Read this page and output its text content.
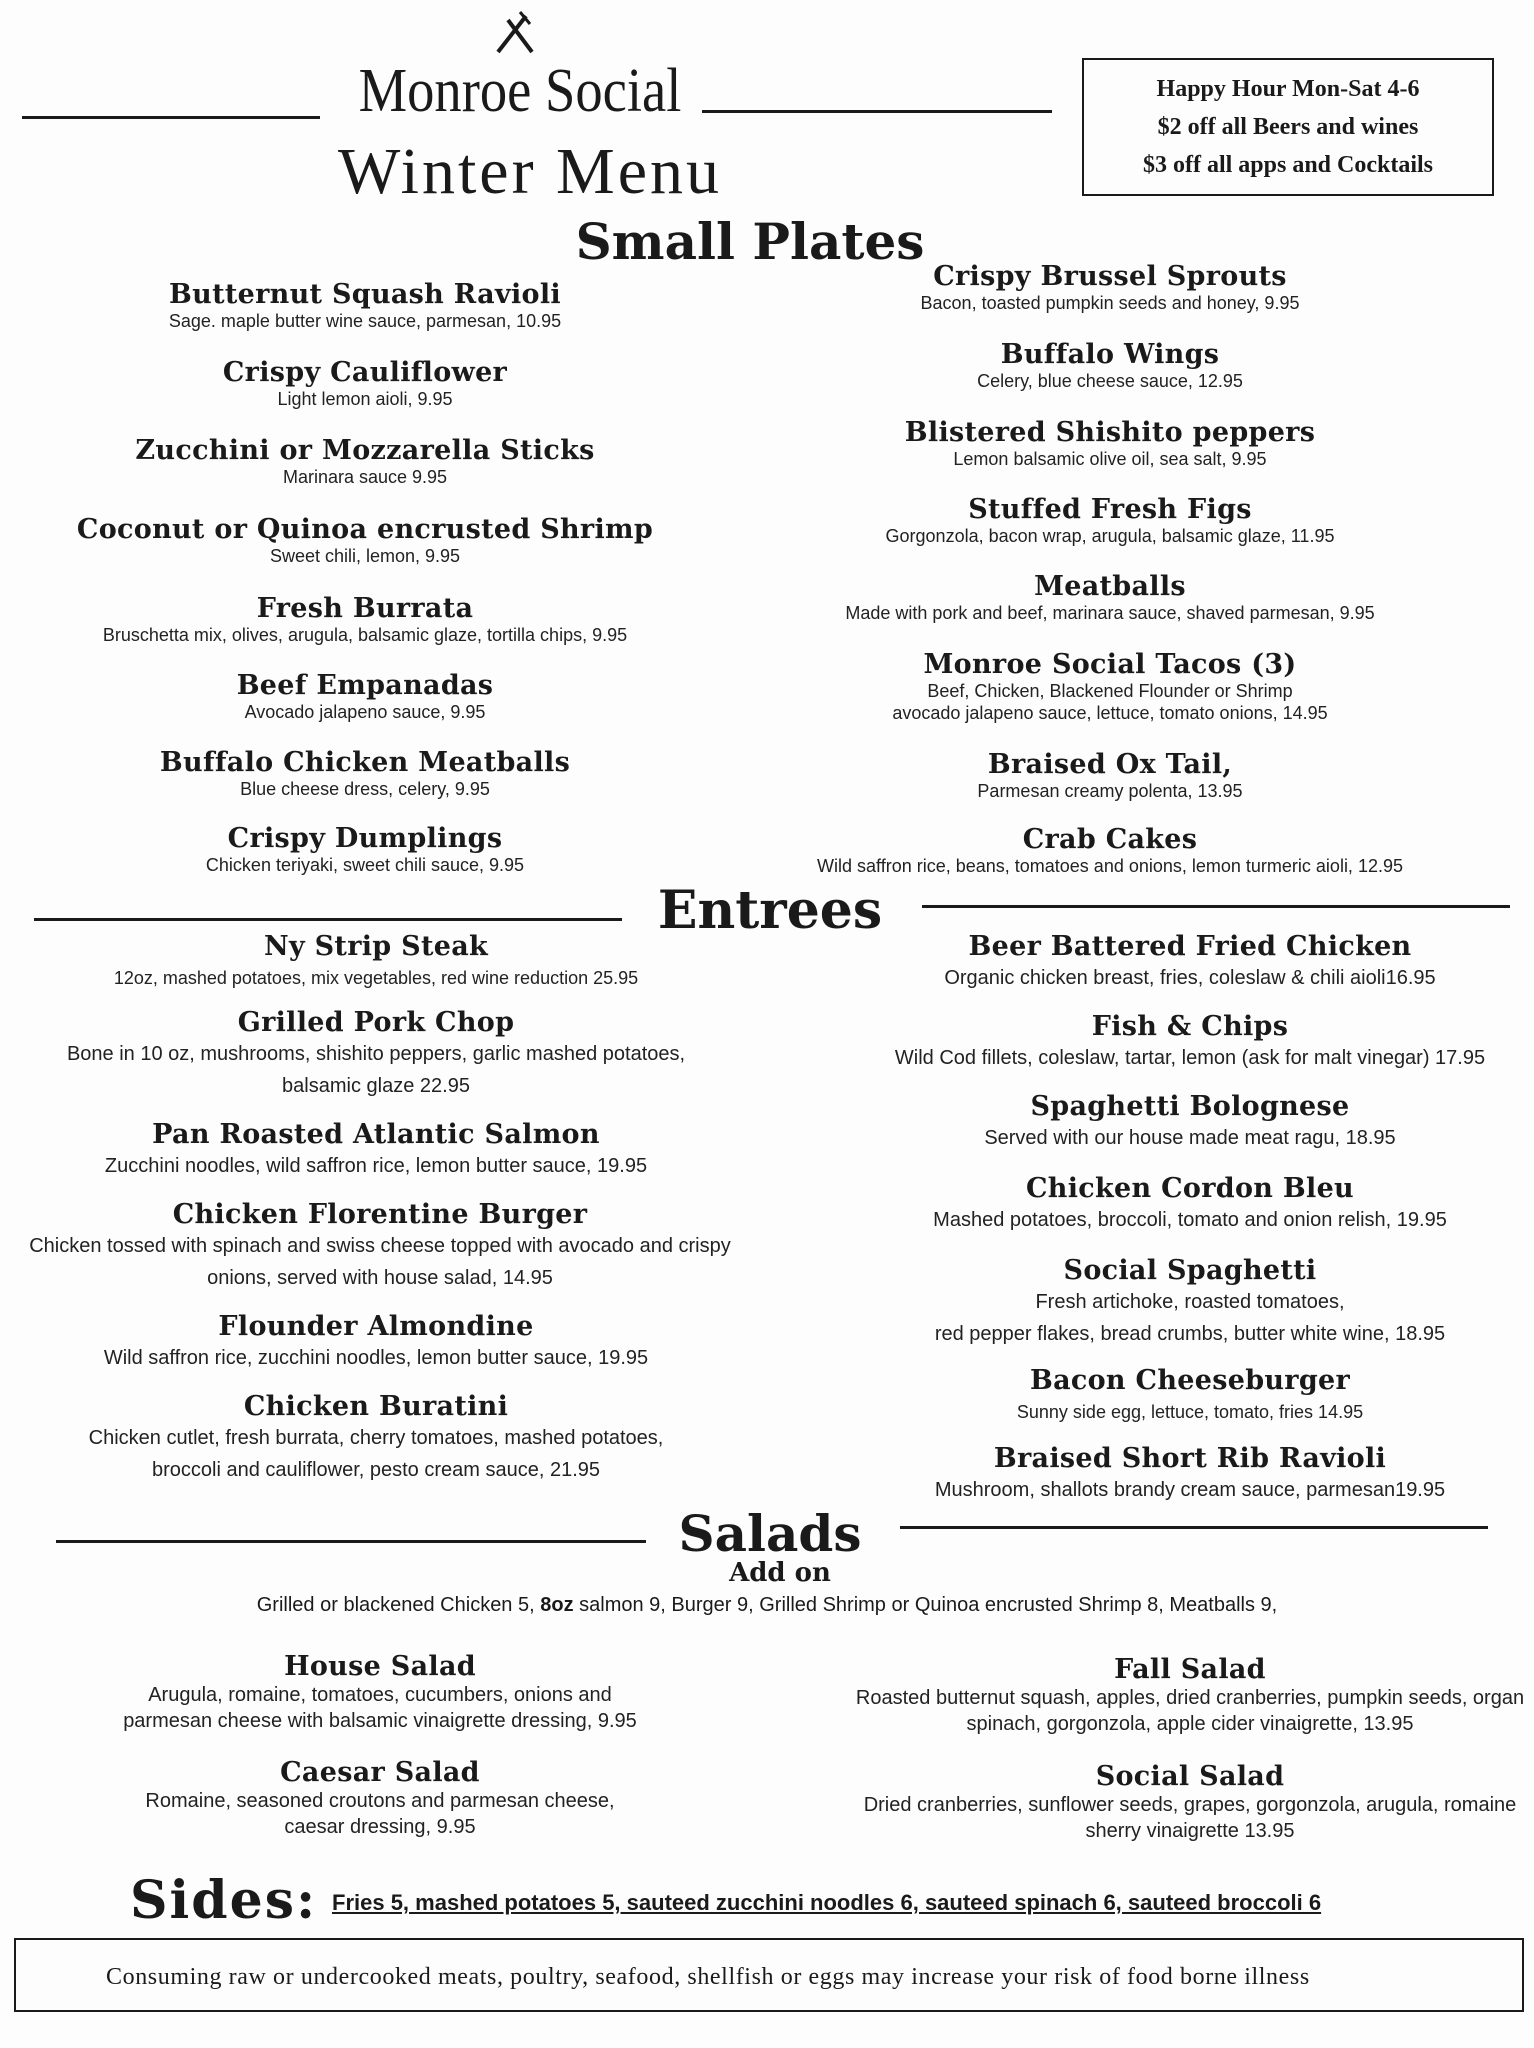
Monroe Social
Winter Menu
Happy Hour Mon-Sat 4-6
$2 off all Beers and wines
$3 off all apps and Cocktails
Small Plates
Butternut Squash Ravioli
Sage. maple butter wine sauce, parmesan, 10.95
Crispy Cauliflower
Light lemon aioli, 9.95
Zucchini or Mozzarella Sticks
Marinara sauce 9.95
Coconut or Quinoa encrusted Shrimp
Sweet chili, lemon, 9.95
Fresh Burrata
Bruschetta mix, olives, arugula, balsamic glaze, tortilla chips, 9.95
Beef Empanadas
Avocado jalapeno sauce, 9.95
Buffalo Chicken Meatballs
Blue cheese dress, celery, 9.95
Crispy Dumplings
Chicken teriyaki, sweet chili sauce, 9.95
Crispy Brussel Sprouts
Bacon, toasted pumpkin seeds and honey, 9.95
Buffalo Wings
Celery, blue cheese sauce, 12.95
Blistered Shishito peppers
Lemon balsamic olive oil, sea salt, 9.95
Stuffed Fresh Figs
Gorgonzola, bacon wrap, arugula, balsamic glaze, 11.95
Meatballs
Made with pork and beef, marinara sauce, shaved parmesan, 9.95
Monroe Social Tacos (3)
Beef, Chicken, Blackened Flounder or Shrimp
avocado jalapeno sauce, lettuce, tomato onions, 14.95
Braised Ox Tail,
Parmesan creamy polenta, 13.95
Crab Cakes
Wild saffron rice, beans, tomatoes and onions, lemon turmeric aioli, 12.95
Entrees
Ny Strip Steak
12oz, mashed potatoes, mix vegetables, red wine reduction 25.95
Grilled Pork Chop
Bone in 10 oz, mushrooms, shishito peppers, garlic mashed potatoes,
balsamic glaze 22.95
Pan Roasted Atlantic Salmon
Zucchini noodles, wild saffron rice, lemon butter sauce, 19.95
Chicken Florentine Burger
Chicken tossed with spinach and swiss cheese topped with avocado and crispy
onions, served with house salad, 14.95
Flounder Almondine
Wild saffron rice, zucchini noodles, lemon butter sauce, 19.95
Chicken Buratini
Chicken cutlet, fresh burrata, cherry tomatoes, mashed potatoes,
broccoli and cauliflower, pesto cream sauce, 21.95
Beer Battered Fried Chicken
Organic chicken breast, fries, coleslaw & chili aioli16.95
Fish & Chips
Wild Cod fillets, coleslaw, tartar, lemon (ask for malt vinegar) 17.95
Spaghetti Bolognese
Served with our house made meat ragu, 18.95
Chicken Cordon Bleu
Mashed potatoes, broccoli, tomato and onion relish, 19.95
Social Spaghetti
Fresh artichoke, roasted tomatoes,
red pepper flakes, bread crumbs, butter white wine, 18.95
Bacon Cheeseburger
Sunny side egg, lettuce, tomato, fries 14.95
Braised Short Rib Ravioli
Mushroom, shallots brandy cream sauce, parmesan19.95
Salads
Add on
Grilled or blackened Chicken 5, 8oz salmon 9, Burger 9, Grilled Shrimp or Quinoa encrusted Shrimp 8, Meatballs 9,
House Salad
Arugula, romaine, tomatoes, cucumbers, onions and
parmesan cheese with balsamic vinaigrette dressing, 9.95
Caesar Salad
Romaine, seasoned croutons and parmesan cheese,
caesar dressing, 9.95
Fall Salad
Roasted butternut squash, apples, dried cranberries, pumpkin seeds, organ
spinach, gorgonzola, apple cider vinaigrette, 13.95
Social Salad
Dried cranberries, sunflower seeds, grapes, gorgonzola, arugula, romaine
sherry vinaigrette 13.95
Sides: Fries 5, mashed potatoes 5, sauteed zucchini noodles 6, sauteed spinach 6, sauteed broccoli 6
Consuming raw or undercooked meats, poultry, seafood, shellfish or eggs may increase your risk of food borne illness
